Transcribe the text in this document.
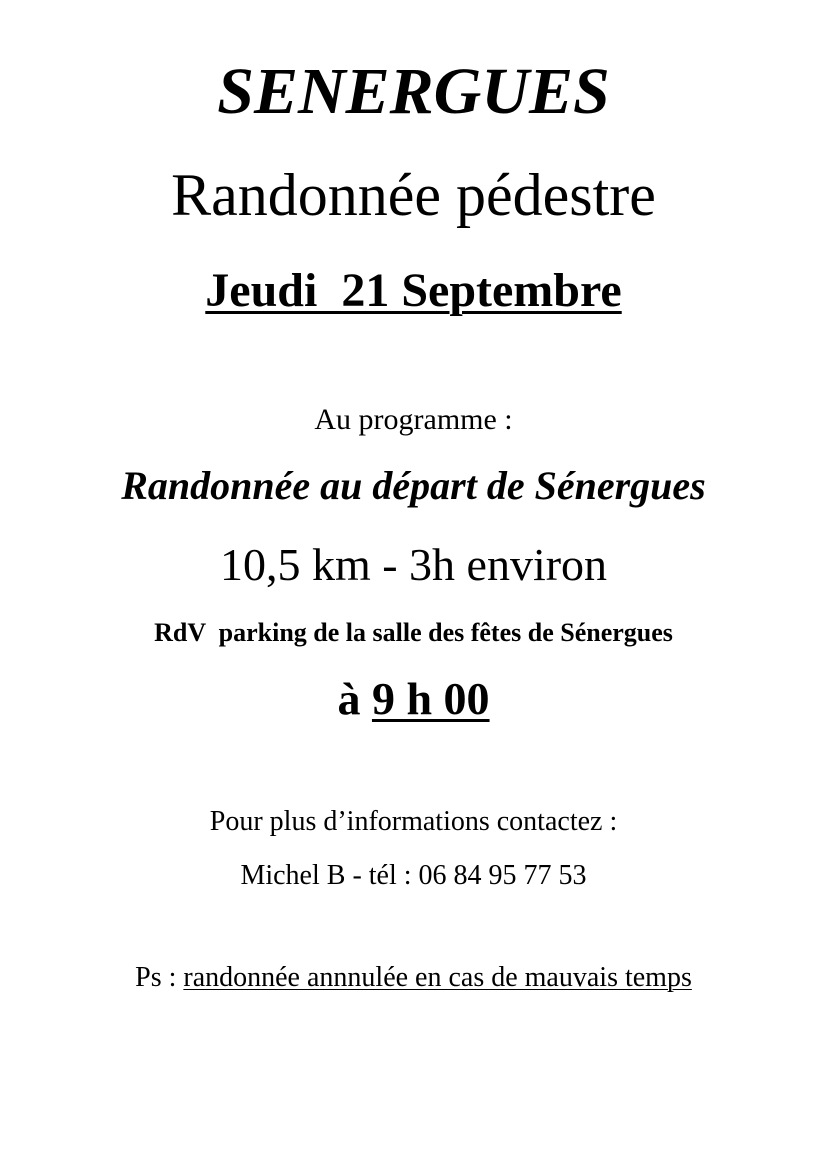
SENERGUES
Randonnée pédestre
Jeudi  21 Septembre
Au programme :
Randonnée au départ de Sénergues
10,5 km - 3h environ
RdV  parking de la salle des fêtes de Sénergues
à 9 h 00
Pour plus d’informations contactez :
Michel B - tél : 06 84 95 77 53
Ps : randonnée annnulée en cas de mauvais temps
